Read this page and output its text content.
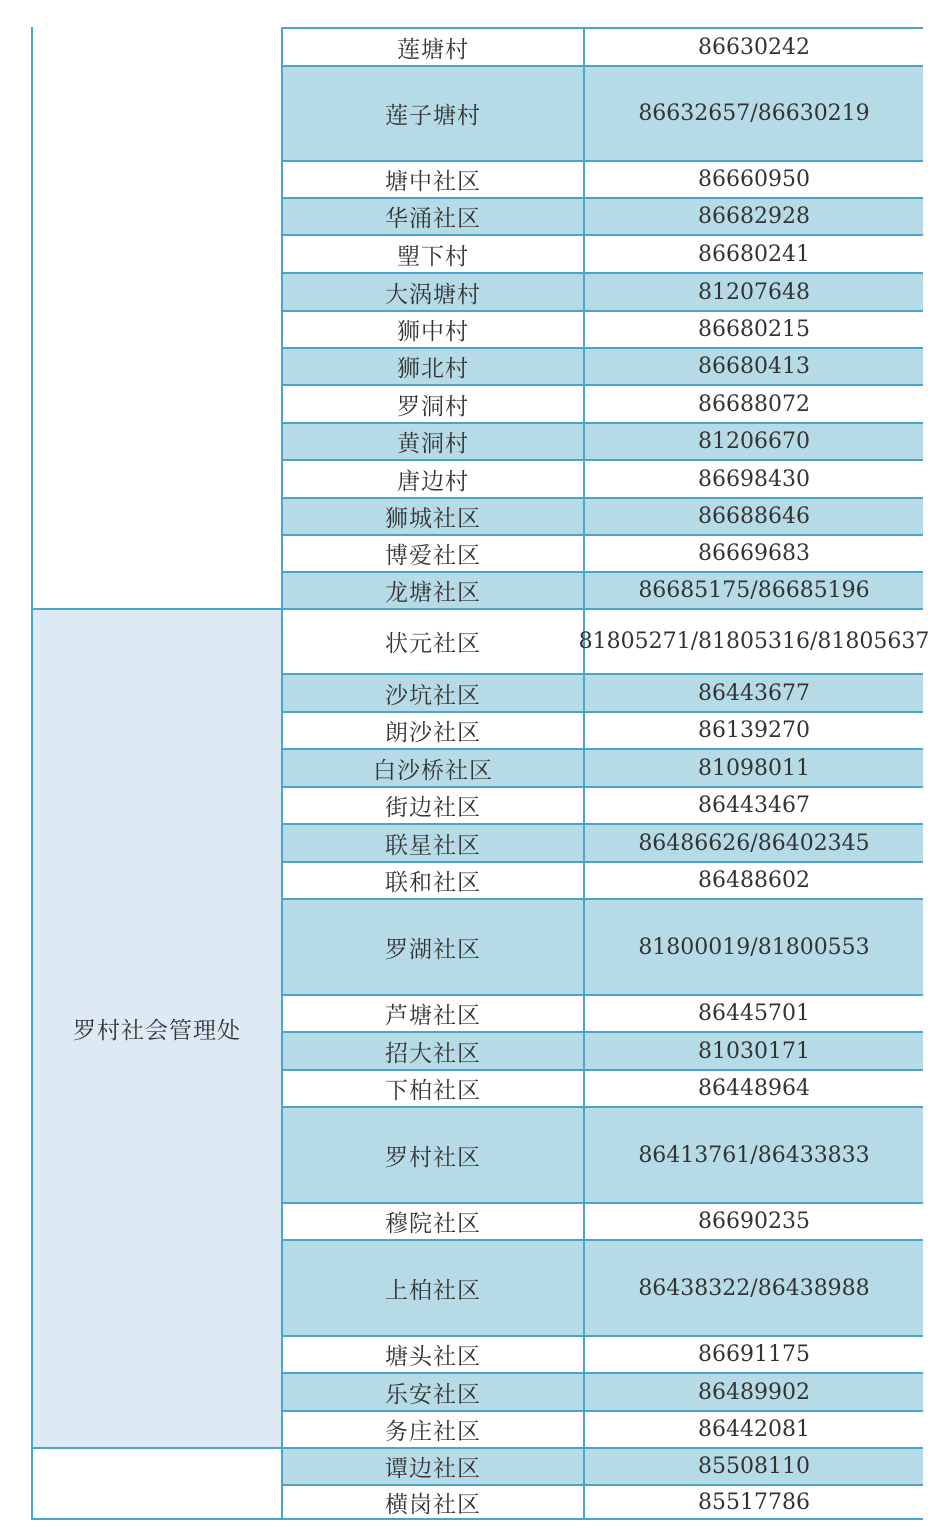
罗村社会管理处
莲塘村	86630242
莲子塘村	86632657/86630219
塘中社区	86660950
华涌社区	86682928
朢下村	86680241
大涡塘村	81207648
狮中村	86680215
狮北村	86680413
罗洞村	86688072
黄洞村	81206670
唐边村	86698430
狮城社区	86688646
博爱社区	86669683
龙塘社区	86685175/86685196
状元社区	81805271/81805316/81805637
沙坑社区	86443677
朗沙社区	86139270
白沙桥社区	81098011
街边社区	86443467
联星社区	86486626/86402345
联和社区	86488602
罗湖社区	81800019/81800553
芦塘社区	86445701
招大社区	81030171
下柏社区	86448964
罗村社区	86413761/86433833
穆院社区	86690235
上柏社区	86438322/86438988
塘头社区	86691175
乐安社区	86489902
务庄社区	86442081
谭边社区	85508110
横岗社区	85517786
